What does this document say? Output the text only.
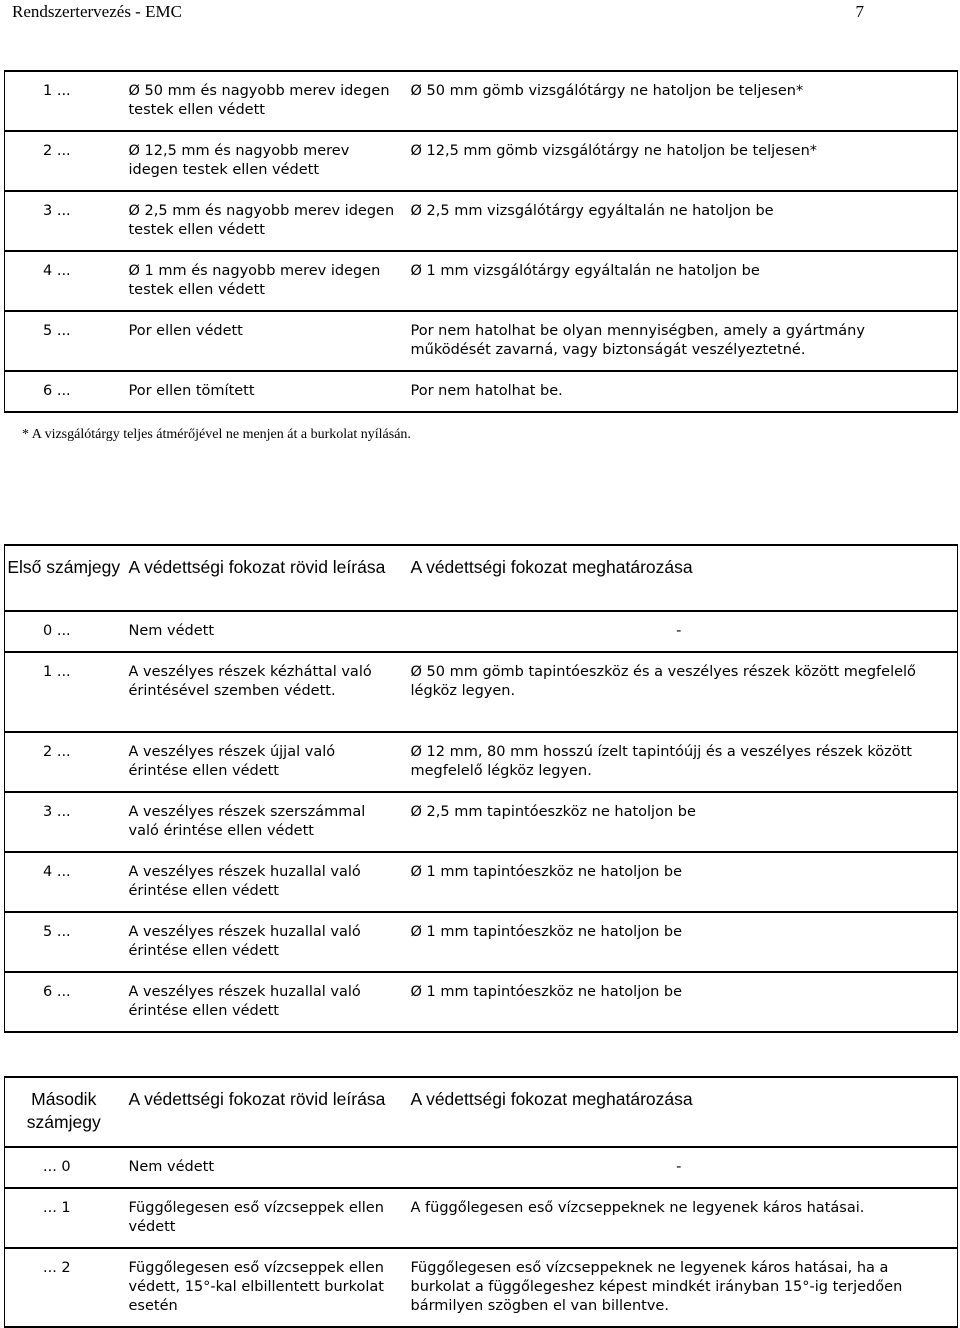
Rendszertervezés - EMC	7
1 ...	Ø 50 mm és nagyobb merev idegen testek ellen védett	Ø 50 mm gömb vizsgálótárgy ne hatoljon be teljesen*
2 ...	Ø 12,5 mm és nagyobb merev idegen testek ellen védett	Ø 12,5 mm gömb vizsgálótárgy ne hatoljon be teljesen*
3 ...	Ø 2,5 mm és nagyobb merev idegen testek ellen védett	Ø 2,5 mm vizsgálótárgy egyáltalán ne hatoljon be
4 ...	Ø 1 mm és nagyobb merev idegen testek ellen védett	Ø 1 mm vizsgálótárgy egyáltalán ne hatoljon be
5 ...	Por ellen védett	Por nem hatolhat be olyan mennyiségben, amely a gyártmány működését zavarná, vagy biztonságát veszélyeztetné.
6 ...	Por ellen tömített	Por nem hatolhat be.
* A vizsgálótárgy teljes átmérőjével ne menjen át a burkolat nyílásán.
Első számjegy	A védettségi fokozat rövid leírása	A védettségi fokozat meghatározása
0 ...	Nem védett	-
1 ...	A veszélyes részek kézháttal való érintésével szemben védett.	Ø 50 mm gömb tapintóeszköz és a veszélyes részek között megfelelő légköz legyen.
2 ...	A veszélyes részek újjal való érintése ellen védett	Ø 12 mm, 80 mm hosszú ízelt tapintóújj és a veszélyes részek között megfelelő légköz legyen.
3 ...	A veszélyes részek szerszámmal való érintése ellen védett	Ø 2,5 mm tapintóeszköz ne hatoljon be
4 ...	A veszélyes részek huzallal való érintése ellen védett	Ø 1 mm tapintóeszköz ne hatoljon be
5 ...	A veszélyes részek huzallal való érintése ellen védett	Ø 1 mm tapintóeszköz ne hatoljon be
6 ...	A veszélyes részek huzallal való érintése ellen védett	Ø 1 mm tapintóeszköz ne hatoljon be
Második számjegy	A védettségi fokozat rövid leírása	A védettségi fokozat meghatározása
... 0	Nem védett	-
... 1	Függőlegesen eső vízcseppek ellen védett	A függőlegesen eső vízcseppeknek ne legyenek káros hatásai.
... 2	Függőlegesen eső vízcseppek ellen védett, 15°-kal elbillentett burkolat esetén	Függőlegesen eső vízcseppeknek ne legyenek káros hatásai, ha a burkolat a függőlegeshez képest mindkét irányban 15°-ig terjedően bármilyen szögben el van billentve.
